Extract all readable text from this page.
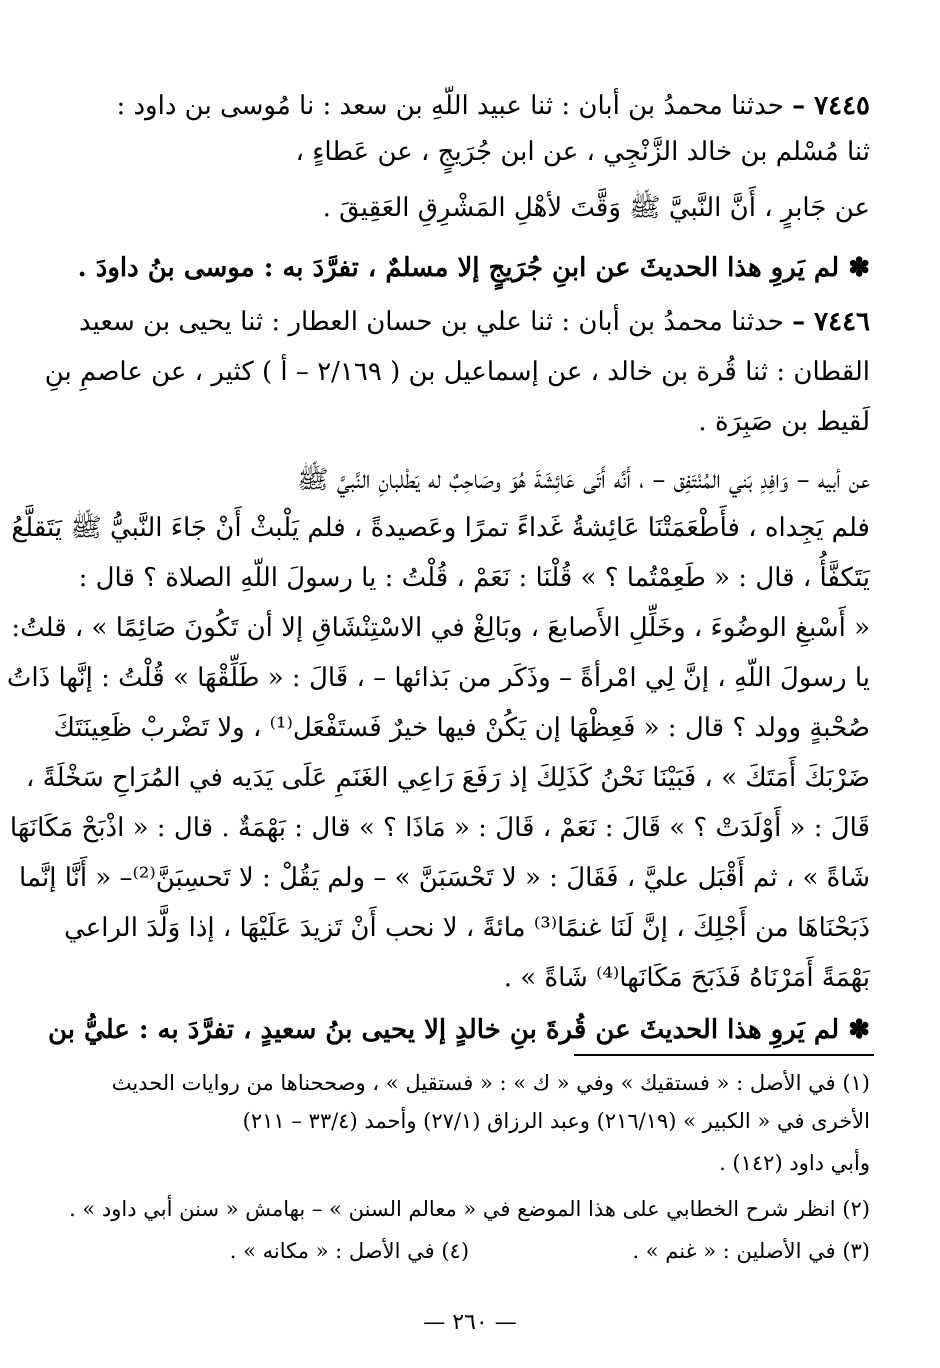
٧٤٤٥ – حدثنا محمدُ بن أبان : ثنا عبيد اللّهِ بن سعد : نا مُوسى بن داود :
ثنا مُسْلم بن خالد الزَّنْجِي ، عن ابن جُرَيجٍ ، عن عَطاءٍ ،
عن جَابرٍ ، أَنَّ النَّبيَّ ﷺ وَقَّتَ لأهْلِ المَشْرِقِ العَقِيقَ .
✽ لم يَروِ هذا الحديثَ عن ابنِ جُرَيجٍ إلا مسلمٌ ، تفرَّدَ به : موسى بنُ داودَ .
٧٤٤٦ – حدثنا محمدُ بن أبان : ثنا علي بن حسان العطار : ثنا يحيى بن سعيد
القطان : ثنا قُرة بن خالد ، عن إسماعيل بن ( ٢/١٦٩ – أ ) كثير ، عن عاصمِ بنِ
لَقيط بن صَبِرَة .
عن أبيه – وَافِدِ بَني المُنْتَفِق – ، أَنَّه أَتَى عَائِشَةَ هُوَ وصَاحِبٌ له يَطْلبانِ النَّبيَّ ﷺ
فلم يَجِداه ، فأَطْعَمَتْنَا عَائِشةُ غَداءً تمرًا وعَصيدةً ، فلم يَلْبثْ أَنْ جَاءَ النَّبيُّ ﷺ يَتَقلَّعُ
يَتَكفَّأُ ، قال : « طَعِمْتُما ؟ » قُلْنَا : نَعَمْ ، قُلْتُ : يا رسولَ اللّهِ الصلاة ؟ قال :
« أَسْبغِ الوضُوءَ ، وخَلِّلِ الأَصابعَ ، وبَالِغْ في الاسْتِنْشَاقِ إلا أن تَكُونَ صَائِمًا » ، قلتُ:
يا رسولَ اللّهِ ، إنَّ لِي امْرأةً – وذَكَر من بَذائها – ، قَالَ : « طَلِّقْهَا » قُلْتُ : إنَّها ذَاتُ
صُحْبةٍ وولد ؟ قال : « فَعِظْهَا إن يَكُنْ فيها خيرٌ فَستَفْعَل⁽¹⁾ ، ولا تَضْربْ ظَعِينَتَكَ
ضَرْبَكَ أَمَتَكَ » ، فَبَيْنَا نَحْنُ كَذَلِكَ إذ رَفَعَ رَاعِي الغَنَمِ عَلَى يَدَيه في المُرَاحِ سَخْلَةً ،
قَالَ : « أَوْلَدَتْ ؟ » قَالَ : نَعَمْ ، قَالَ : « مَاذَا ؟ » قال : بَهْمَةٌ . قال : « اذْبَحْ مَكَانَهَا
شَاةً » ، ثم أَقْبَل عليَّ ، فَقَالَ : « لا تَحْسَبَنَّ » – ولم يَقُلْ : لا تَحسِبَنَّ⁽²⁾– « أَنَّا إنَّما
ذَبَحْنَاهَا من أَجْلِكَ ، إنَّ لَنَا غنمًا⁽³⁾ مائةً ، لا نحب أَنْ تَزيدَ عَلَيْهَا ، إذا وَلَّدَ الراعي
بَهْمَةً أَمَرْنَاهُ فَذَبَحَ مَكَانَها⁽⁴⁾ شَاةً » .
✽ لم يَروِ هذا الحديثَ عن قُرةَ بنِ خالدٍ إلا يحيى بنُ سعيدٍ ، تفرَّدَ به : عليُّ بن
(١) في الأصل : « فستقيك » وفي « ك » : « فستقيل » ، وصححناها من روايات الحديث
الأخرى في « الكبير » (٢١٦/١٩) وعبد الرزاق (٢٧/١) وأحمد (٣٣/٤ – ٢١١)
وأبي داود (١٤٢) .
(٢) انظر شرح الخطابي على هذا الموضع في « معالم السنن » – بهامش « سنن أبي داود » .
(٣) في الأصلين : « غنم » .  (٤) في الأصل : « مكانه » .
— ٢٦٠ —
